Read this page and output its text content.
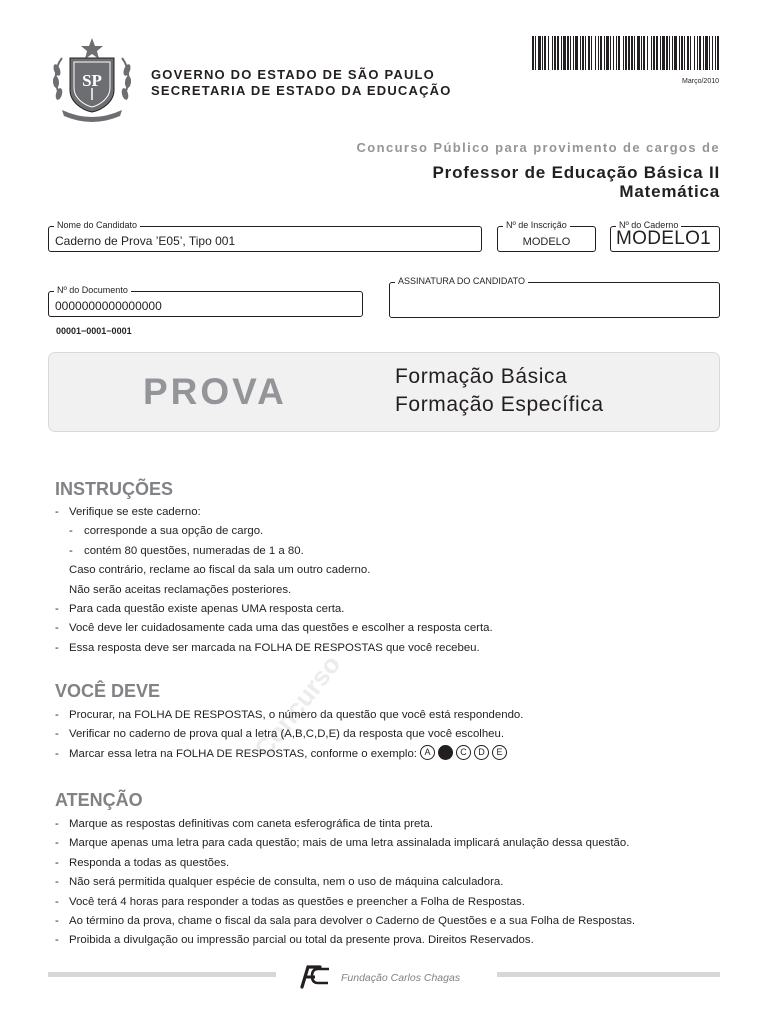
SP	GOVERNO DO ESTADO DE SÃO PAULO
SECRETARIA DE ESTADO DA EDUCAÇÃO
Março/2010
Concurso Público para provimento de cargos de
Professor de Educação Básica II
Matemática
Nome do Candidato
Caderno de Prova ’E05’, Tipo 001
Nº de Inscrição
MODELO
Nº do Caderno
MODELO1
Nº do Documento
0000000000000000
ASSINATURA DO CANDIDATO
00001−0001−0001
PROVA	Formação Básica
Formação Específica
Concurso
INSTRUÇÕES
- Verifique se este caderno:
- corresponde a sua opção de cargo.
- contém 80 questões, numeradas de 1 a 80.
Caso contrário, reclame ao fiscal da sala um outro caderno.
Não serão aceitas reclamações posteriores.
- Para cada questão existe apenas UMA resposta certa.
- Você deve ler cuidadosamente cada uma das questões e escolher a resposta certa.
- Essa resposta deve ser marcada na FOLHA DE RESPOSTAS que você recebeu.
VOCÊ DEVE
- Procurar, na FOLHA DE RESPOSTAS, o número da questão que você está respondendo.
- Verificar no caderno de prova qual a letra (A,B,C,D,E) da resposta que você escolheu.
- Marcar essa letra na FOLHA DE RESPOSTAS, conforme o exemplo: A	C	D	E
ATENÇÃO
- Marque as respostas definitivas com caneta esferográfica de tinta preta.
- Marque apenas uma letra para cada questão; mais de uma letra assinalada implicará anulação dessa questão.
- Responda a todas as questões.
- Não será permitida qualquer espécie de consulta, nem o uso de máquina calculadora.
- Você terá 4 horas para responder a todas as questões e preencher a Folha de Respostas.
- Ao término da prova, chame o fiscal da sala para devolver o Caderno de Questões e a sua Folha de Respostas.
- Proibida a divulgação ou impressão parcial ou total da presente prova. Direitos Reservados.
Fundação Carlos Chagas
